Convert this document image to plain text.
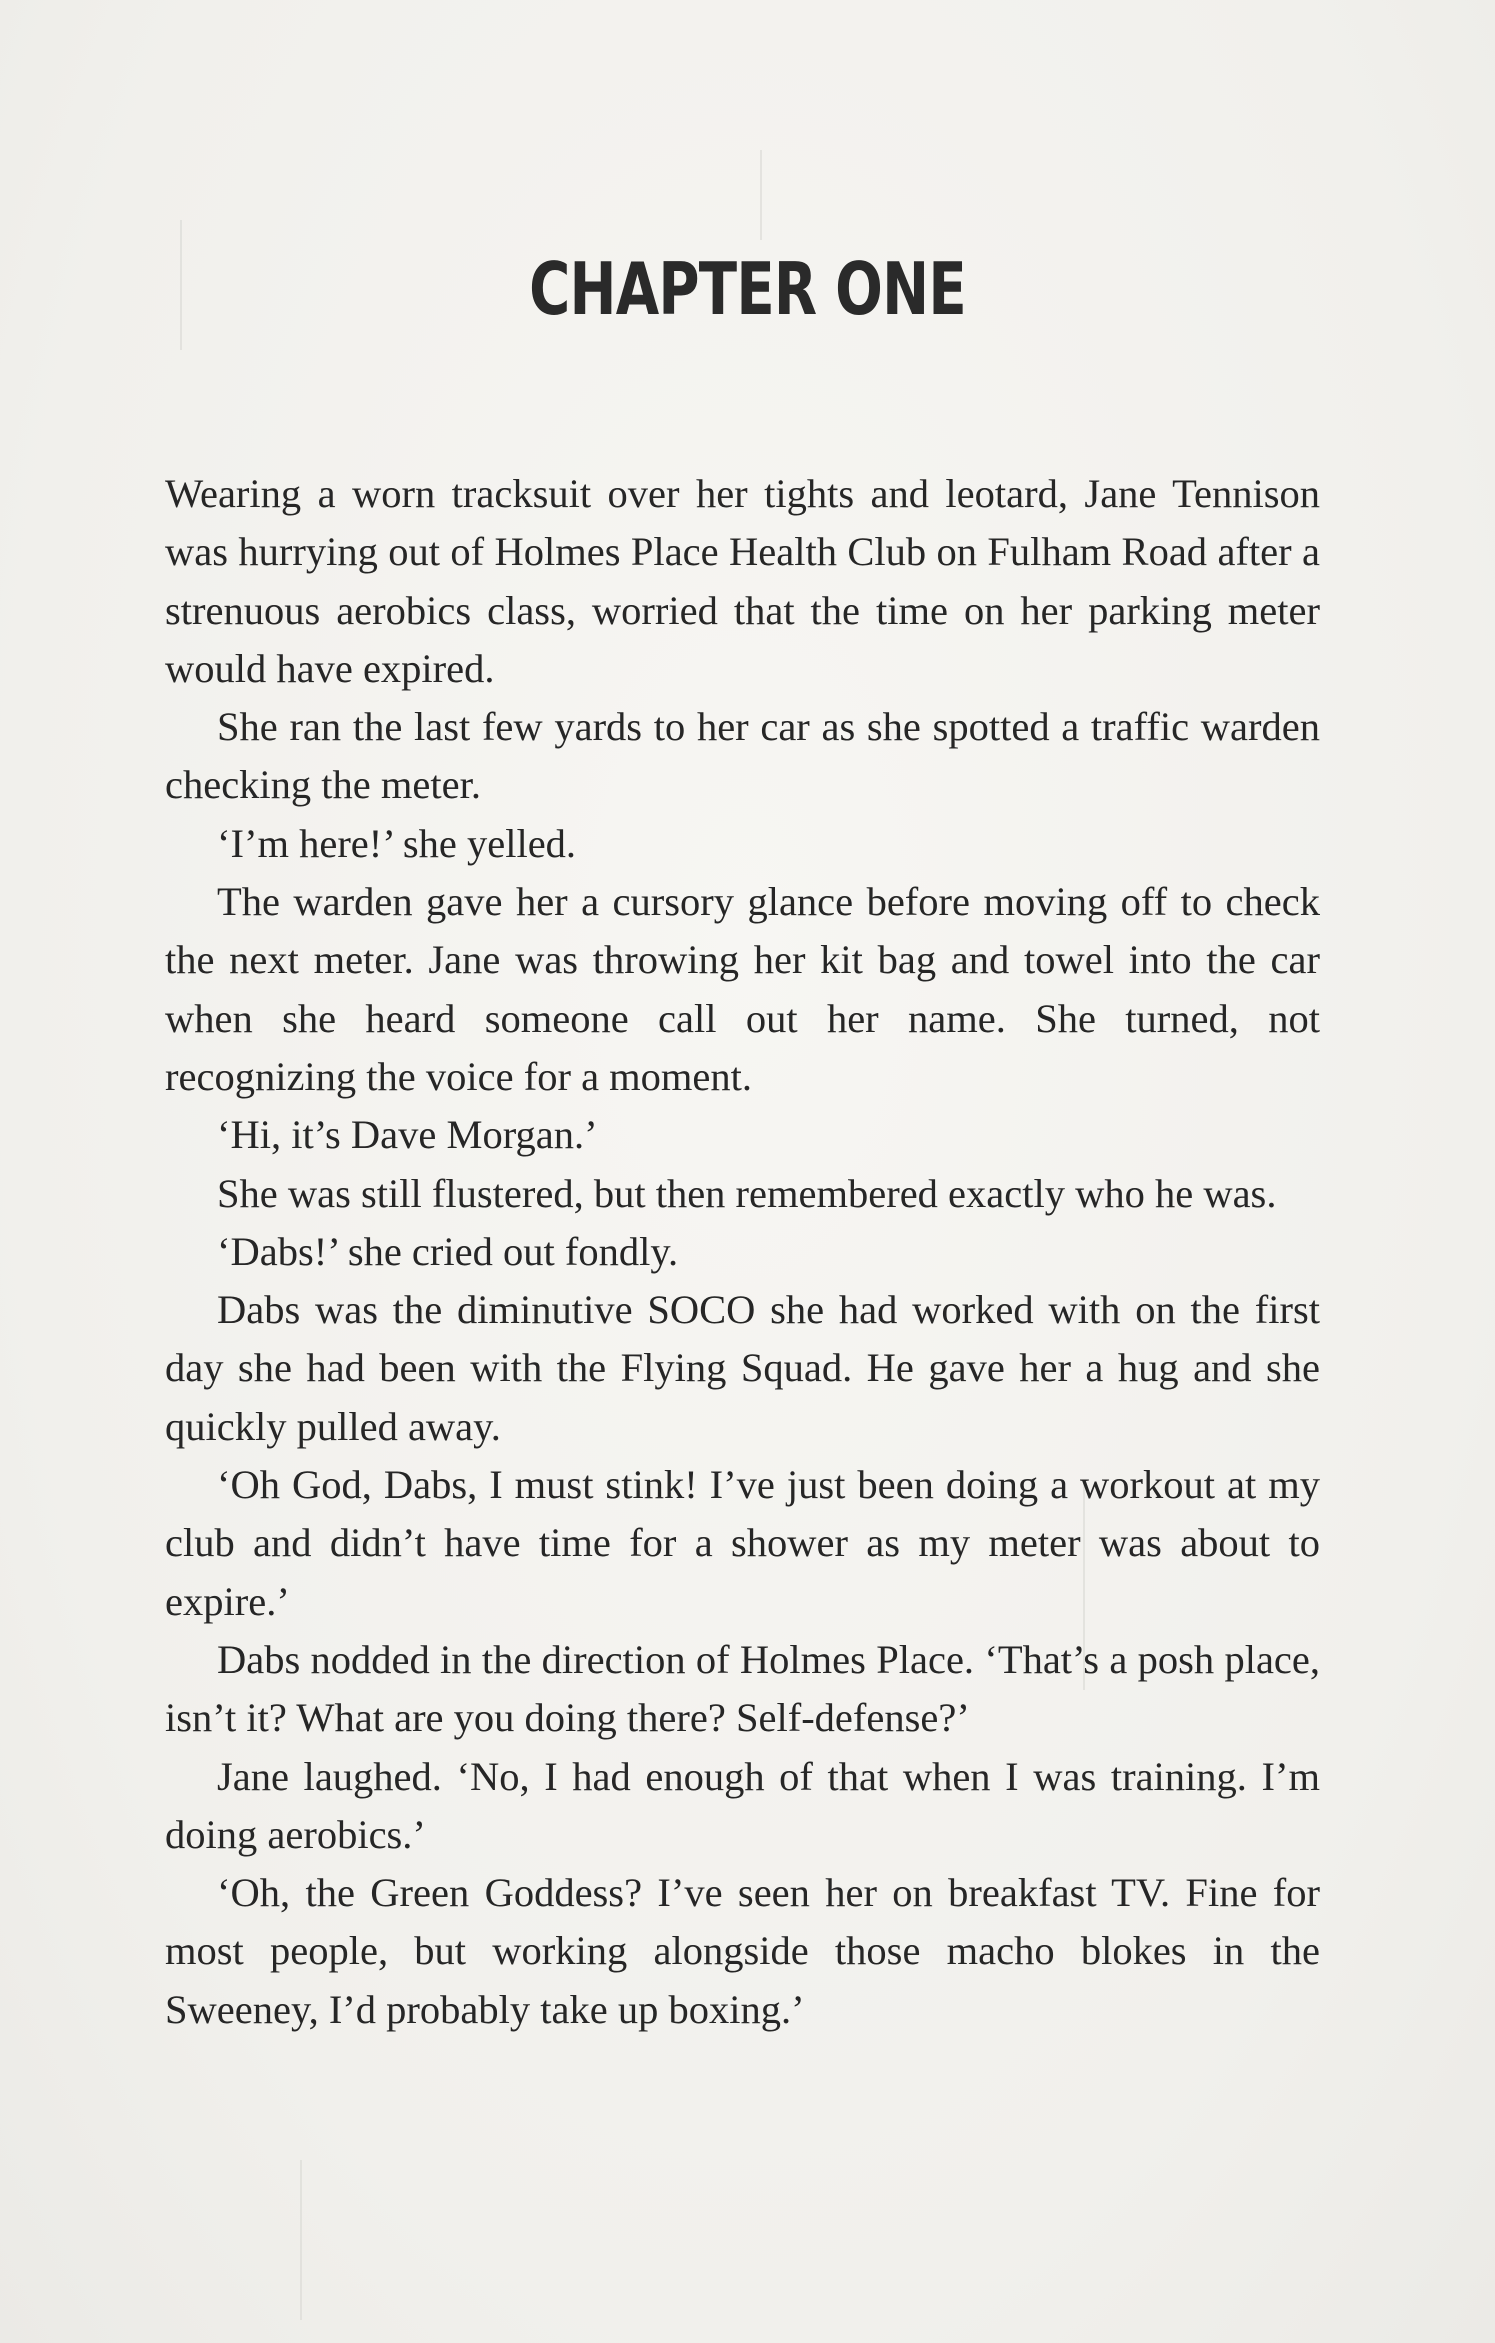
CHAPTER ONE

Wearing a worn tracksuit over her tights and leotard, Jane Tennison was hurrying out of Holmes Place Health Club on Fulham Road after a strenuous aerobics class, worried that the time on her parking meter would have expired.

She ran the last few yards to her car as she spotted a traffic warden checking the meter.

‘I’m here!’ she yelled.

The warden gave her a cursory glance before moving off to check the next meter. Jane was throwing her kit bag and towel into the car when she heard someone call out her name. She turned, not recognizing the voice for a moment.

‘Hi, it’s Dave Morgan.’

She was still flustered, but then remembered exactly who he was.

‘Dabs!’ she cried out fondly.

Dabs was the diminutive SOCO she had worked with on the first day she had been with the Flying Squad. He gave her a hug and she quickly pulled away.

‘Oh God, Dabs, I must stink! I’ve just been doing a workout at my club and didn’t have time for a shower as my meter was about to expire.’

Dabs nodded in the direction of Holmes Place. ‘That’s a posh place, isn’t it? What are you doing there? Self-defense?’

Jane laughed. ‘No, I had enough of that when I was training. I’m doing aerobics.’

‘Oh, the Green Goddess? I’ve seen her on breakfast TV. Fine for most people, but working alongside those macho blokes in the Sweeney, I’d probably take up boxing.’
